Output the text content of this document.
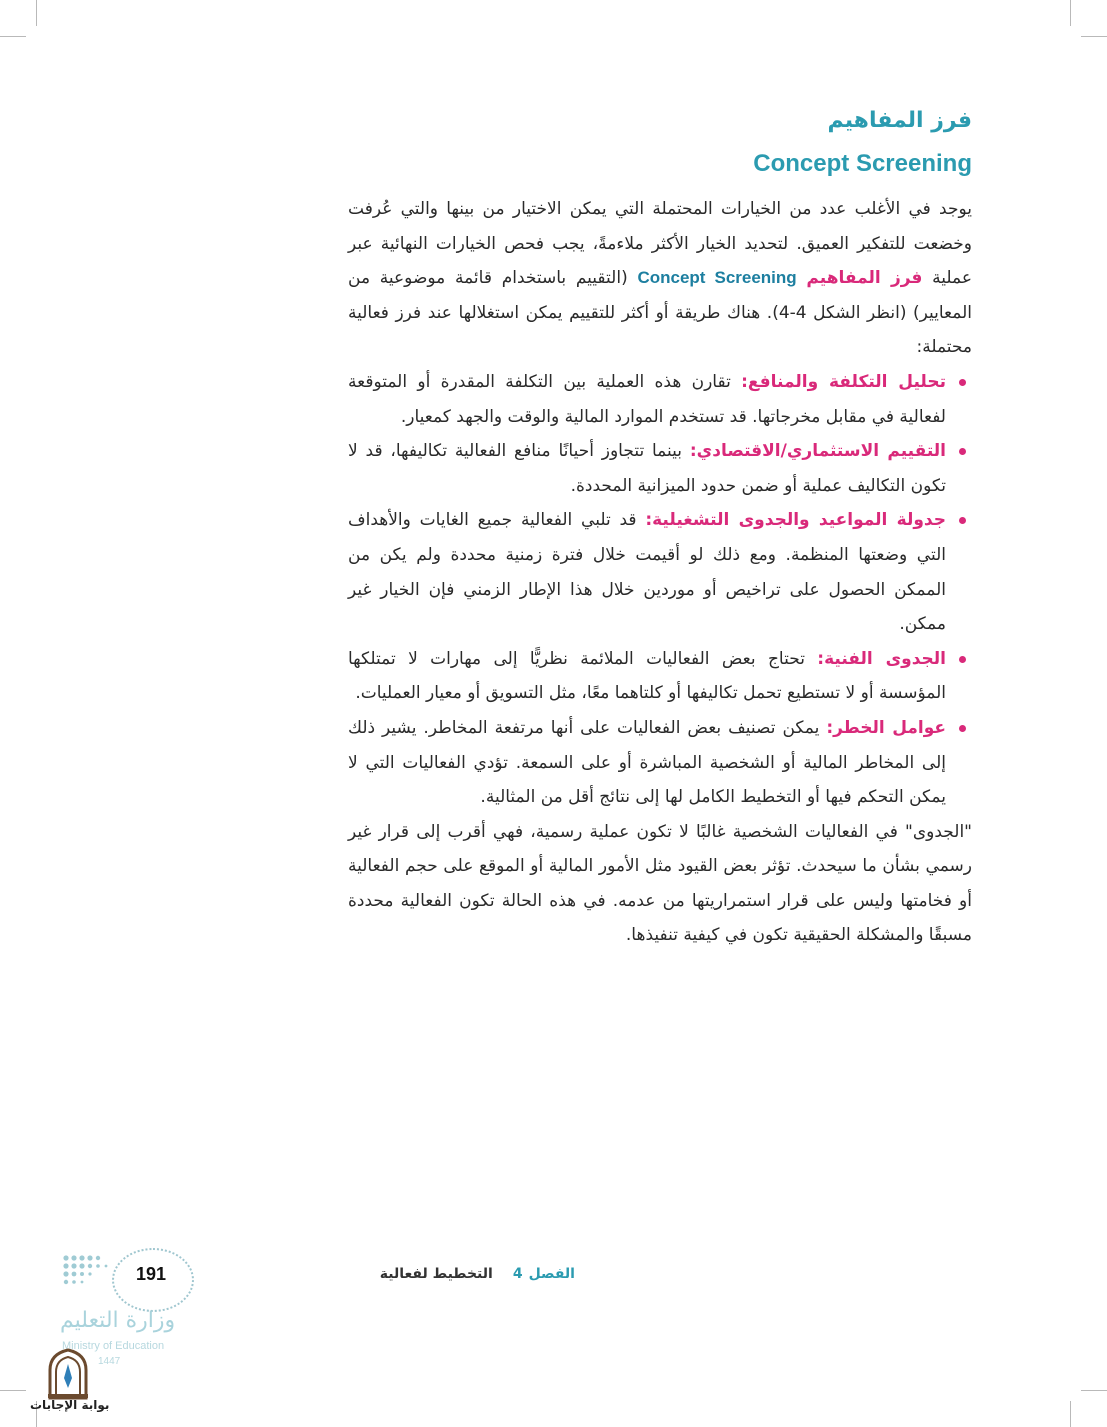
فرز المفاهيم
Concept Screening

يوجد في الأغلب عدد من الخيارات المحتملة التي يمكن الاختيار من بينها والتي عُرفت وخضعت للتفكير العميق. لتحديد الخيار الأكثر ملاءمةً، يجب فحص الخيارات النهائية عبر عملية فرز المفاهيم Concept Screening (التقييم باستخدام قائمة موضوعية من المعايير) (انظر الشكل 4-4). هناك طريقة أو أكثر للتقييم يمكن استغلالها عند فرز فعالية محتملة:

تحليل التكلفة والمنافع: تقارن هذه العملية بين التكلفة المقدرة أو المتوقعة لفعالية في مقابل مخرجاتها. قد تستخدم الموارد المالية والوقت والجهد كمعيار.
التقييم الاستثماري/الاقتصادي: بينما تتجاوز أحيانًا منافع الفعالية تكاليفها، قد لا تكون التكاليف عملية أو ضمن حدود الميزانية المحددة.
جدولة المواعيد والجدوى التشغيلية: قد تلبي الفعالية جميع الغايات والأهداف التي وضعتها المنظمة. ومع ذلك لو أقيمت خلال فترة زمنية محددة ولم يكن من الممكن الحصول على تراخيص أو موردين خلال هذا الإطار الزمني فإن الخيار غير ممكن.
الجدوى الفنية: تحتاج بعض الفعاليات الملائمة نظريًّا إلى مهارات لا تمتلكها المؤسسة أو لا تستطيع تحمل تكاليفها أو كلتاهما معًا، مثل التسويق أو معيار العمليات.
عوامل الخطر: يمكن تصنيف بعض الفعاليات على أنها مرتفعة المخاطر. يشير ذلك إلى المخاطر المالية أو الشخصية المباشرة أو على السمعة. تؤدي الفعاليات التي لا يمكن التحكم فيها أو التخطيط الكامل لها إلى نتائج أقل من المثالية.

"الجدوى" في الفعاليات الشخصية غالبًا لا تكون عملية رسمية، فهي أقرب إلى قرار غير رسمي بشأن ما سيحدث. تؤثر بعض القيود مثل الأمور المالية أو الموقع على حجم الفعالية أو فخامتها وليس على قرار استمراريتها من عدمه. في هذه الحالة تكون الفعالية محددة مسبقًا والمشكلة الحقيقية تكون في كيفية تنفيذها.

الفصل4التخطيط لفعالية
191
وزارة التعليم
Ministry of Education
1447
بوابة الإجابات
